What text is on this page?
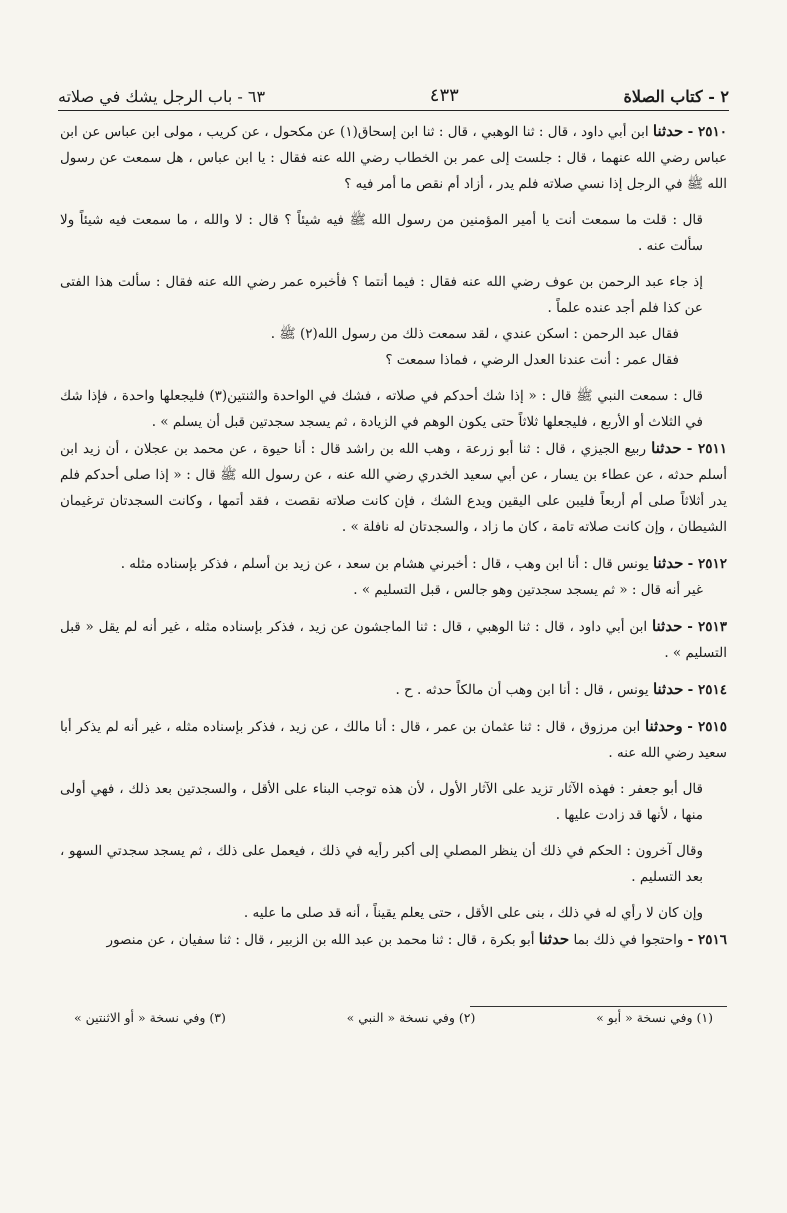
٢ - كتاب الصلاة
٤٣٣
٦٣ - باب الرجل يشك في صلاته

٢٥١٠ - حدثنا ابن أبي داود ، قال : ثنا الوهبي ، قال : ثنا ابن إسحاق(١) عن مكحول ، عن كريب ، مولى ابن عباس عن ابن عباس رضي الله عنهما ، قال : جلست إلى عمر بن الخطاب رضي الله عنه فقال : يا ابن عباس ، هل سمعت عن رسول الله ﷺ في الرجل إذا نسي صلاته فلم يدر ، أزاد أم نقص ما أمر فيه ؟

قال : قلت ما سمعت أنت يا أمير المؤمنين من رسول الله ﷺ فيه شيئاً ؟ قال : لا والله ، ما سمعت فيه شيئاً ولا سألت عنه .

إذ جاء عبد الرحمن بن عوف رضي الله عنه فقال : فيما أنتما ؟ فأخبره عمر رضي الله عنه فقال : سألت هذا الفتى عن كذا فلم أجد عنده علماً .

فقال عبد الرحمن : اسكن عندي ، لقد سمعت ذلك من رسول الله(٢) ﷺ .

فقال عمر : أنت عندنا العدل الرضي ، فماذا سمعت ؟

قال : سمعت النبي ﷺ قال : « إذا شك أحدكم في صلاته ، فشك في الواحدة والثنتين(٣) فليجعلها واحدة ، فإذا شك في الثلاث أو الأربع ، فليجعلها ثلاثاً حتى يكون الوهم في الزيادة ، ثم يسجد سجدتين قبل أن يسلم » .

٢٥١١ - حدثنا ربيع الجيزي ، قال : ثنا أبو زرعة ، وهب الله بن راشد قال : أنا حيوة ، عن محمد بن عجلان ، أن زيد ابن أسلم حدثه ، عن عطاء بن يسار ، عن أبي سعيد الخدري رضي الله عنه ، عن رسول الله ﷺ قال : « إذا صلى أحدكم فلم يدر أثلاثاً صلى أم أربعاً فليبن على اليقين ويدع الشك ، فإن كانت صلاته نقصت ، فقد أتمها ، وكانت السجدتان ترغيمان الشيطان ، وإن كانت صلاته تامة ، كان ما زاد ، والسجدتان له نافلة » .

٢٥١٢ - حدثنا يونس قال : أنا ابن وهب ، قال : أخبرني هشام بن سعد ، عن زيد بن أسلم ، فذكر بإسناده مثله .

غير أنه قال : « ثم يسجد سجدتين وهو جالس ، قبل التسليم » .

٢٥١٣ - حدثنا ابن أبي داود ، قال : ثنا الوهبي ، قال : ثنا الماجشون عن زيد ، فذكر بإسناده مثله ، غير أنه لم يقل « قبل التسليم » .

٢٥١٤ - حدثنا يونس ، قال : أنا ابن وهب أن مالكاً حدثه . ح .

٢٥١٥ - وحدثنا ابن مرزوق ، قال : ثنا عثمان بن عمر ، قال : أنا مالك ، عن زيد ، فذكر بإسناده مثله ، غير أنه لم يذكر أبا سعيد رضي الله عنه .

قال أبو جعفر : فهذه الآثار تزيد على الآثار الأول ، لأن هذه توجب البناء على الأقل ، والسجدتين بعد ذلك ، فهي أولى منها ، لأنها قد زادت عليها .

وقال آخرون : الحكم في ذلك أن ينظر المصلي إلى أكبر رأيه في ذلك ، فيعمل على ذلك ، ثم يسجد سجدتي السهو ، بعد التسليم .

وإن كان لا رأي له في ذلك ، بنى على الأقل ، حتى يعلم يقيناً ، أنه قد صلى ما عليه .

٢٥١٦ - واحتجوا في ذلك بما حدثنا أبو بكرة ، قال : ثنا محمد بن عبد الله بن الزبير ، قال : ثنا سفيان ، عن منصور

(١) وفي نسخة « أبو »
(٢) وفي نسخة « النبي »
(٣) وفي نسخة « أو الاثنتين »
